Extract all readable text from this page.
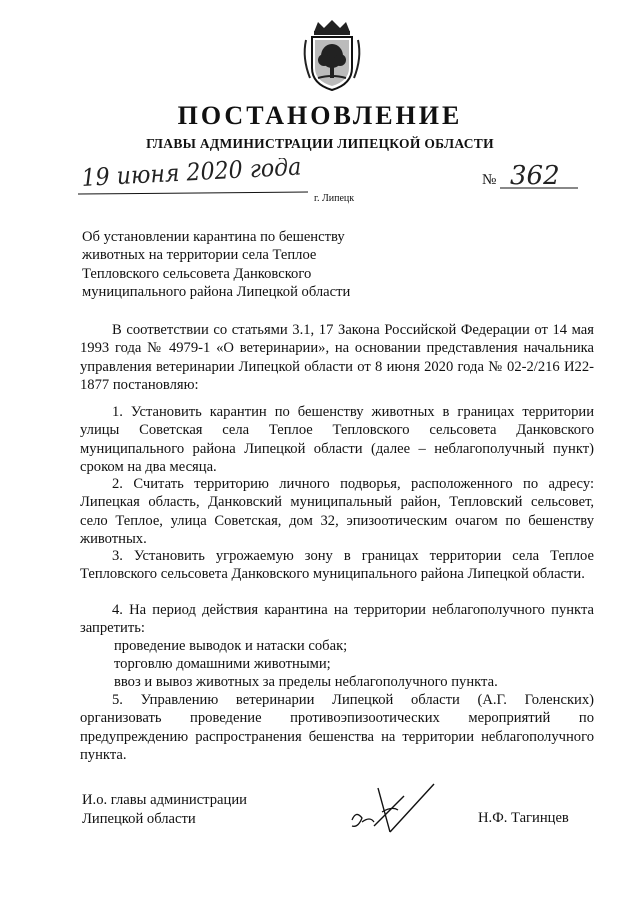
ПОСТАНОВЛЕНИЕ
ГЛАВЫ АДМИНИСТРАЦИИ ЛИПЕЦКОЙ ОБЛАСТИ
19 июня 2020 года
г. Липецк
№ 362
Об установлении карантина по бешенству
животных на территории села Теплое
Тепловского сельсовета Данковского
муниципального района Липецкой области
В соответствии со статьями 3.1, 17 Закона Российской Федерации от 14 мая 1993 года № 4979-1 «О ветеринарии», на основании представления начальника управления ветеринарии Липецкой области от 8 июня 2020 года № 02-2/216 И22-1877 постановляю:
1. Установить карантин по бешенству животных в границах территории улицы Советская села Теплое Тепловского сельсовета Данковского муниципального района Липецкой области (далее – неблагополучный пункт) сроком на два месяца.
2. Считать территорию личного подворья, расположенного по адресу: Липецкая область, Данковский муниципальный район, Тепловский сельсовет, село Теплое, улица Советская, дом 32, эпизоотическим очагом по бешенству животных.
3. Установить угрожаемую зону в границах территории села Теплое Тепловского сельсовета Данковского муниципального района Липецкой области.
4. На период действия карантина на территории неблагополучного пункта запретить:
проведение выводок и натаски собак;
торговлю домашними животными;
ввоз и вывоз животных за пределы неблагополучного пункта.
5. Управлению ветеринарии Липецкой области (А.Г. Голенских) организовать проведение противоэпизоотических мероприятий по предупреждению распространения бешенства на территории неблагополучного пункта.
И.о. главы администрации
Липецкой области	Н.Ф. Тагинцев
